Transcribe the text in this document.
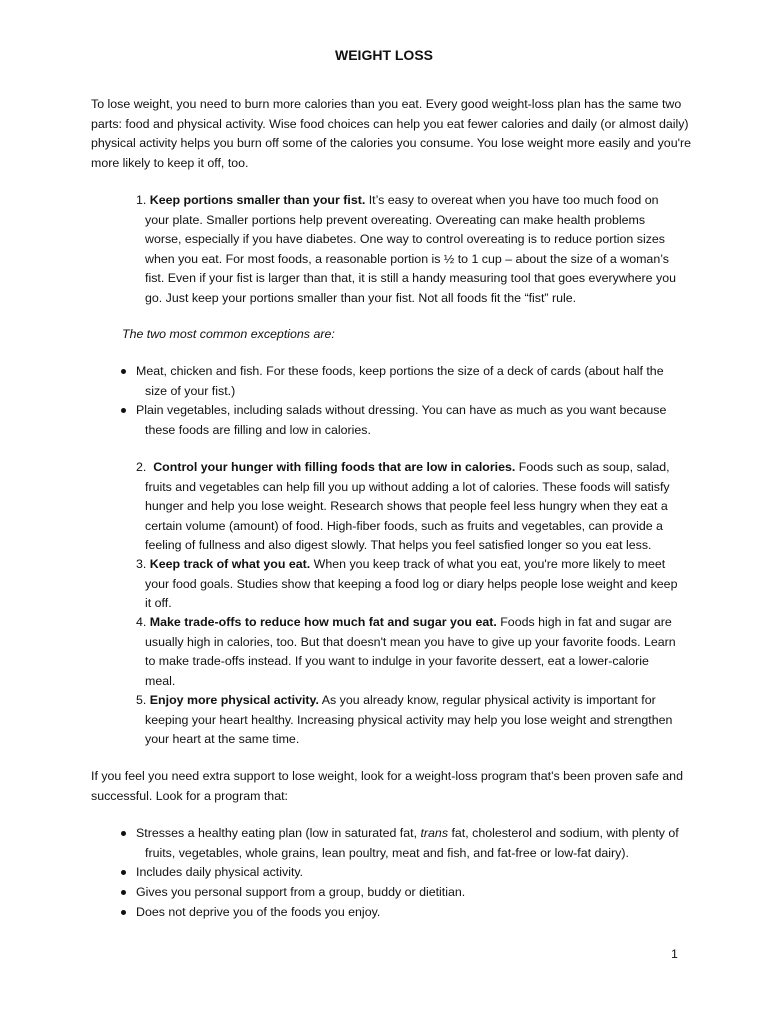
WEIGHT LOSS

To lose weight, you need to burn more calories than you eat. Every good weight-loss plan has the same two parts: food and physical activity. Wise food choices can help you eat fewer calories and daily (or almost daily) physical activity helps you burn off some of the calories you consume. You lose weight more easily and you're more likely to keep it off, too.

1. Keep portions smaller than your fist. It’s easy to overeat when you have too much food on your plate. Smaller portions help prevent overeating. Overeating can make health problems worse, especially if you have diabetes. One way to control overeating is to reduce portion sizes when you eat. For most foods, a reasonable portion is ½ to 1 cup – about the size of a woman’s fist. Even if your fist is larger than that, it is still a handy measuring tool that goes everywhere you go. Just keep your portions smaller than your fist. Not all foods fit the “fist” rule.

The two most common exceptions are:

Meat, chicken and fish. For these foods, keep portions the size of a deck of cards (about half the size of your fist.)
Plain vegetables, including salads without dressing. You can have as much as you want because these foods are filling and low in calories.
2. Control your hunger with filling foods that are low in calories. Foods such as soup, salad, fruits and vegetables can help fill you up without adding a lot of calories. These foods will satisfy hunger and help you lose weight. Research shows that people feel less hungry when they eat a certain volume (amount) of food. High-fiber foods, such as fruits and vegetables, can provide a feeling of fullness and also digest slowly. That helps you feel satisfied longer so you eat less.
3. Keep track of what you eat. When you keep track of what you eat, you're more likely to meet your food goals. Studies show that keeping a food log or diary helps people lose weight and keep it off.
4. Make trade-offs to reduce how much fat and sugar you eat. Foods high in fat and sugar are usually high in calories, too. But that doesn't mean you have to give up your favorite foods. Learn to make trade-offs instead. If you want to indulge in your favorite dessert, eat a lower-calorie meal.
5. Enjoy more physical activity. As you already know, regular physical activity is important for keeping your heart healthy. Increasing physical activity may help you lose weight and strengthen your heart at the same time.

If you feel you need extra support to lose weight, look for a weight-loss program that's been proven safe and successful. Look for a program that:

Stresses a healthy eating plan (low in saturated fat, trans fat, cholesterol and sodium, with plenty of fruits, vegetables, whole grains, lean poultry, meat and fish, and fat-free or low-fat dairy).
Includes daily physical activity.
Gives you personal support from a group, buddy or dietitian.
Does not deprive you of the foods you enjoy.
1
